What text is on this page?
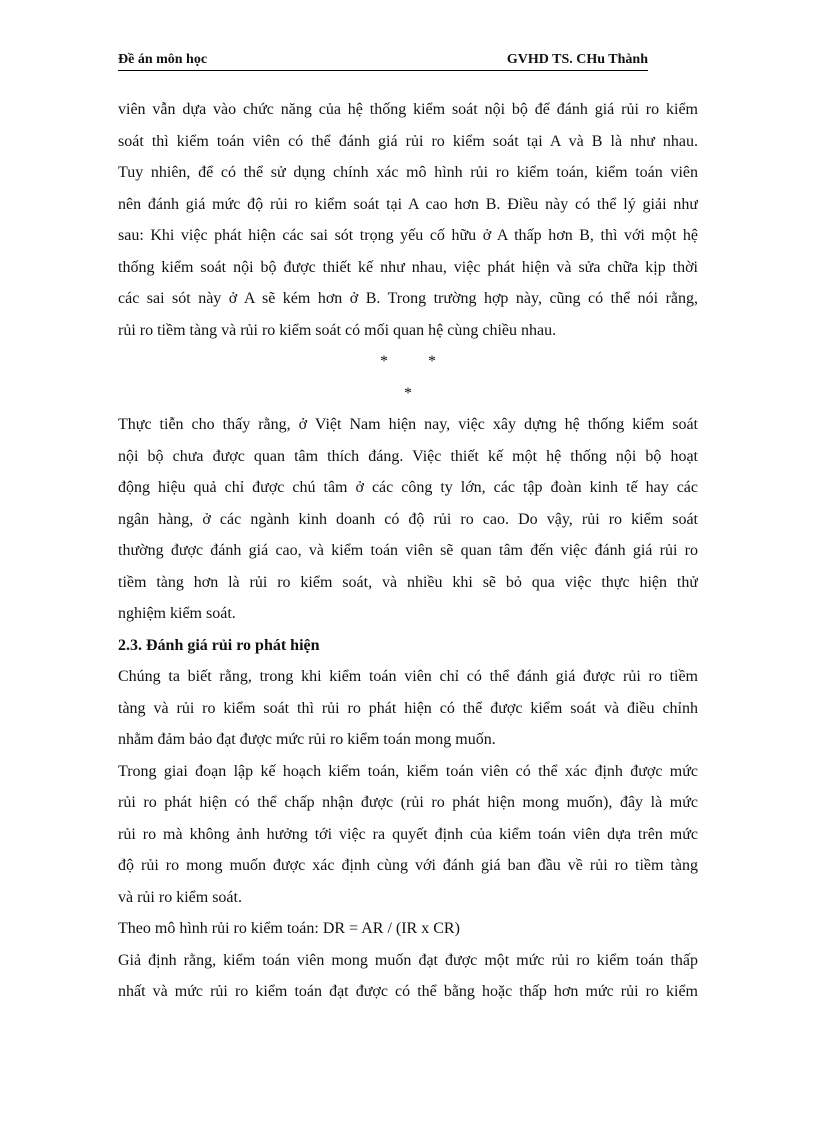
Đề án môn học	GVHD TS. CHu Thành
viên vẫn dựa vào chức năng của hệ thống kiểm soát nội bộ để đánh giá rủi ro kiểm
soát thì kiểm toán viên có thể đánh giá rủi ro kiểm soát tại A và B là như nhau.
Tuy nhiên, để có thể sử dụng chính xác mô hình rủi ro kiểm toán, kiểm toán viên
nên đánh giá mức độ rủi ro kiểm soát tại A cao hơn B. Điều này có thể lý giải như
sau: Khi việc phát hiện các sai sót trọng yếu cố hữu ở A thấp hơn B, thì với một hệ
thống kiểm soát nội bộ được thiết kế như nhau, việc phát hiện và sửa chữa kịp thời
các sai sót này ở A sẽ kém hơn ở B. Trong trường hợp này, cũng có thể nói rằng,
rủi ro tiềm tàng và rủi ro kiểm soát có mối quan hệ cùng chiều nhau.
*          *
*
Thực tiễn cho thấy rằng, ở Việt Nam hiện nay, việc xây dựng hệ thống kiểm soát
nội bộ chưa được quan tâm thích đáng. Việc thiết kế một hệ thống nội bộ hoạt
động hiệu quả chỉ được chú tâm ở các công ty lớn, các tập đoàn kinh tế hay các
ngân hàng, ở các ngành kinh doanh có độ rủi ro cao. Do vậy, rủi ro kiểm soát
thường được đánh giá cao, và kiểm toán viên sẽ quan tâm đến việc đánh giá rủi ro
tiềm tàng hơn là rủi ro kiểm soát, và nhiều khi sẽ bỏ qua việc thực hiện thử
nghiệm kiểm soát.
2.3. Đánh giá rủi ro phát hiện
Chúng ta biết rằng, trong khi kiểm toán viên chỉ có thể đánh giá được rủi ro tiềm
tàng và rủi ro kiểm soát thì rủi ro phát hiện có thể được kiểm soát và điều chỉnh
nhằm đảm bảo đạt được mức rủi ro kiểm toán mong muốn.
Trong giai đoạn lập kế hoạch kiểm toán, kiểm toán viên có thể xác định được mức
rủi ro phát hiện có thể chấp nhận được (rủi ro phát hiện mong muốn), đây là mức
rủi ro mà không ảnh hưởng tới việc ra quyết định của kiểm toán viên dựa trên mức
độ rủi ro mong muốn được xác định cùng với đánh giá ban đầu về rủi ro tiềm tàng
và rủi ro kiểm soát.
Theo mô hình rủi ro kiểm toán: DR = AR / (IR x CR)
Giả định rằng, kiểm toán viên mong muốn đạt được một mức rủi ro kiểm toán thấp
nhất và mức rủi ro kiểm toán đạt được có thể bằng hoặc thấp hơn mức rủi ro kiểm
